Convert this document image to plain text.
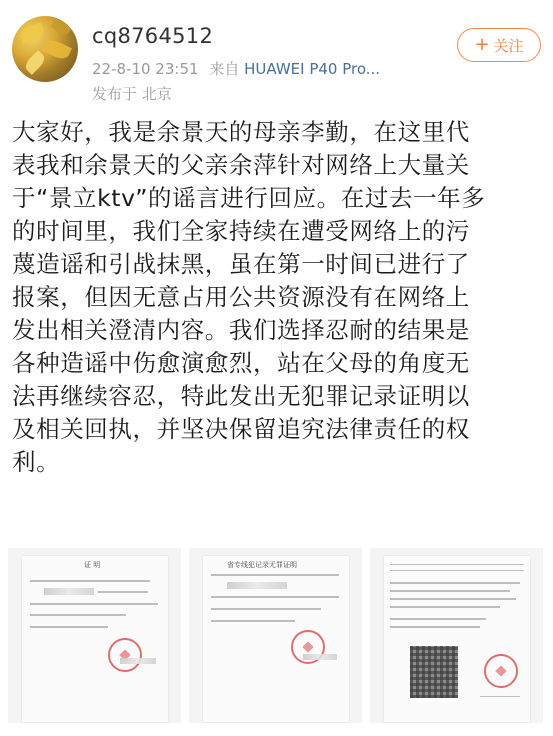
cq8764512
22-8-10 23:51 来自 HUAWEI P40 Pro...
发布于 北京
+ 关注
大家好，我是余景天的母亲李勤，在这里代
表我和余景天的父亲余萍针对网络上大量关
于“景立ktv”的谣言进行回应。在过去一年多
的时间里，我们全家持续在遭受网络上的污
蔑造谣和引战抹黑，虽在第一时间已进行了
报案，但因无意占用公共资源没有在网络上
发出相关澄清内容。我们选择忍耐的结果是
各种造谣中伤愈演愈烈，站在父母的角度无
法再继续容忍，特此发出无犯罪记录证明以
及相关回执，并坚决保留追究法律责任的权
利。
证 明	省专线犯记录无罪证明
